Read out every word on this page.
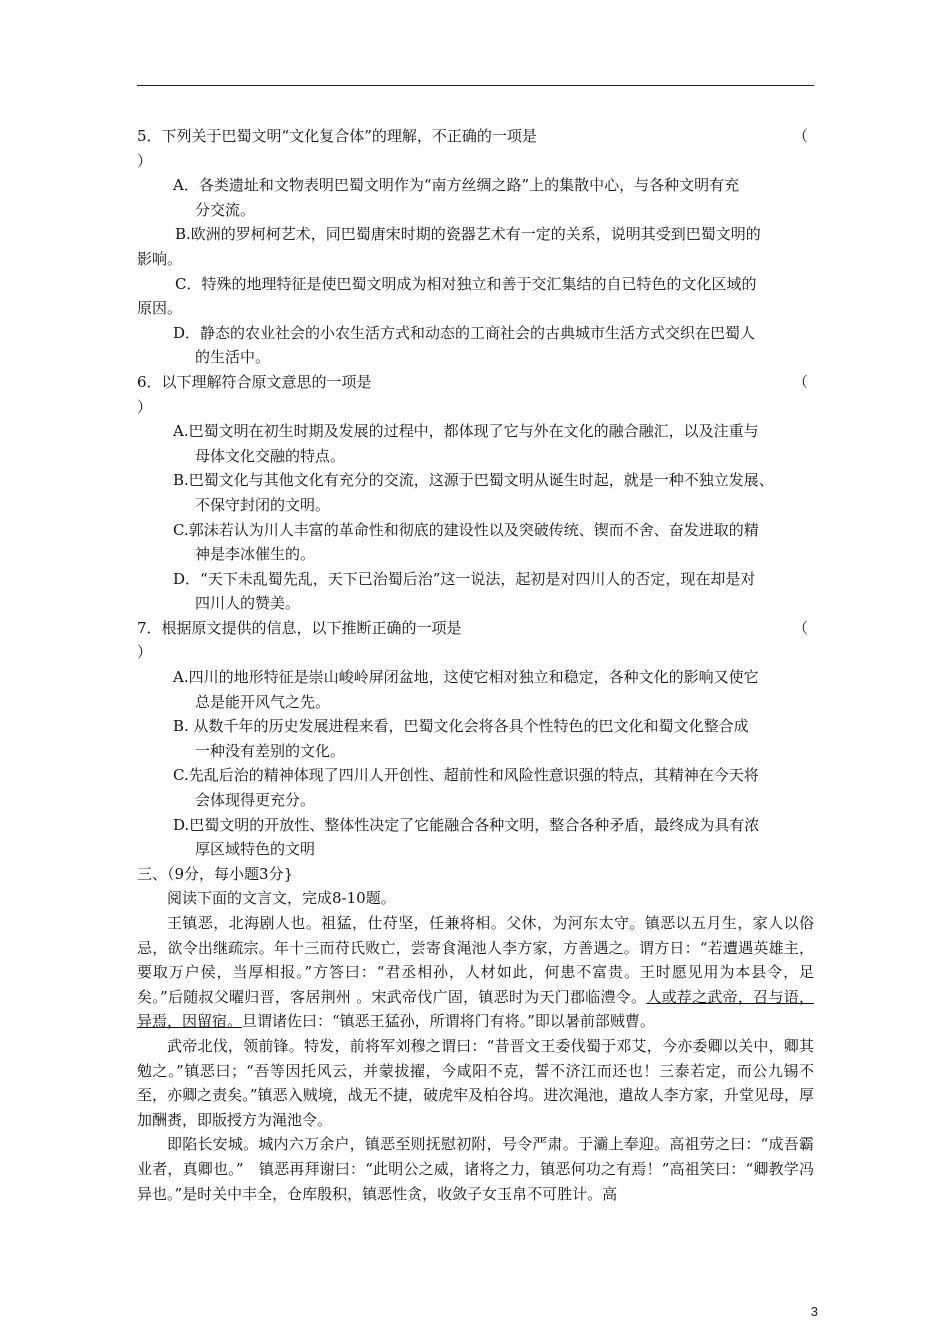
5．下列关于巴蜀文明“文化复合体”的理解，不正确的一项是	（

）

A．各类遗址和文物表明巴蜀文明作为“南方丝绸之路”上的集散中心，与各种文明有充
分交流。

B.欧洲的罗柯柯艺术，同巴蜀唐宋时期的瓷器艺术有一定的关系，说明其受到巴蜀文明的
影响。

C．特殊的地理特征是使巴蜀文明成为相对独立和善于交汇集结的自已特色的文化区域的
原因。

D．静态的农业社会的小农生活方式和动态的工商社会的古典城市生活方式交织在巴蜀人
的生活中。

6．以下理解符合原文意思的一项是	（

）

A.巴蜀文明在初生时期及发展的过程中，都体现了它与外在文化的融合融汇，以及注重与
母体文化交融的特点。

B.巴蜀文化与其他文化有充分的交流，这源于巴蜀文明从诞生时起，就是一种不独立发展、
不保守封闭的文明。

C.郭沫若认为川人丰富的革命性和彻底的建设性以及突破传统、锲而不舍、奋发进取的精
神是李冰催生的。

D．“天下未乱蜀先乱，天下已治蜀后治”这一说法，起初是对四川人的否定，现在却是对
四川人的赞美。

7．根据原文提供的信息，以下推断正确的一项是	（

）

A.四川的地形特征是崇山峻岭屏闭盆地，这使它相对独立和稳定，各种文化的影响又使它
总是能开风气之先。

B. 从数千年的历史发展进程来看，巴蜀文化会将各具个性特色的巴文化和蜀文化整合成
一种没有差别的文化。

C.先乱后治的精神体现了四川人开创性、超前性和风险性意识强的特点，其精神在今天将
会体现得更充分。

D.巴蜀文明的开放性、整体性决定了它能融合各种文明，整合各种矛盾，最终成为具有浓
厚区域特色的文明

三、（9分，每小题3分}

阅读下面的文言文，完成8-10题。

王镇恶，北海剧人也。祖猛，仕苻坚，任兼将相。父休，为河东太守。镇恶以五月生，家人以俗忌，欲令出继疏宗。年十三而苻氏败亡，尝寄食渑池人李方家，方善遇之。谓方日：“若遭遇英雄主，要取万户侯，当厚相报。”方答曰：“君丞相孙，人材如此，何患不富贵。王时愿见用为本县令，足矣。”后随叔父曜归晋，客居荆州 。宋武帝伐广固，镇恶时为天门郡临澧令。人或荐之武帝，召与语，异焉，因留宿。旦谓诸佐曰：“镇恶王猛孙，所谓将门有将。”即以暑前部贼曹。

武帝北伐，领前锋。特发，前将军刘穆之谓曰：“昔晋文王委伐蜀于邓艾，今亦委卿以关中，卿其勉之。”镇恶曰；“吾等因托风云，并蒙拔擢，今咸阳不克，誓不济江而还也！三泰若定，而公九锡不至，亦卿之责矣。”镇恶入贼境，战无不捷，破虎牢及柏谷坞。进次渑池，遣故人李方家，升堂见母，厚加酬赉，即版授方为渑池令。

即陷长安城。城内六万余户，镇恶至则抚慰初附，号令严肃。于灞上奉迎。高祖劳之曰：“成吾霸业者，真卿也。”　镇恶再拜谢曰：“此明公之威，诸将之力，镇恶何功之有焉！”高祖笑曰：“卿教学冯异也。”是时关中丰全，仓库殷积，镇恶性贪，收敛子女玉帛不可胜计。高

3
